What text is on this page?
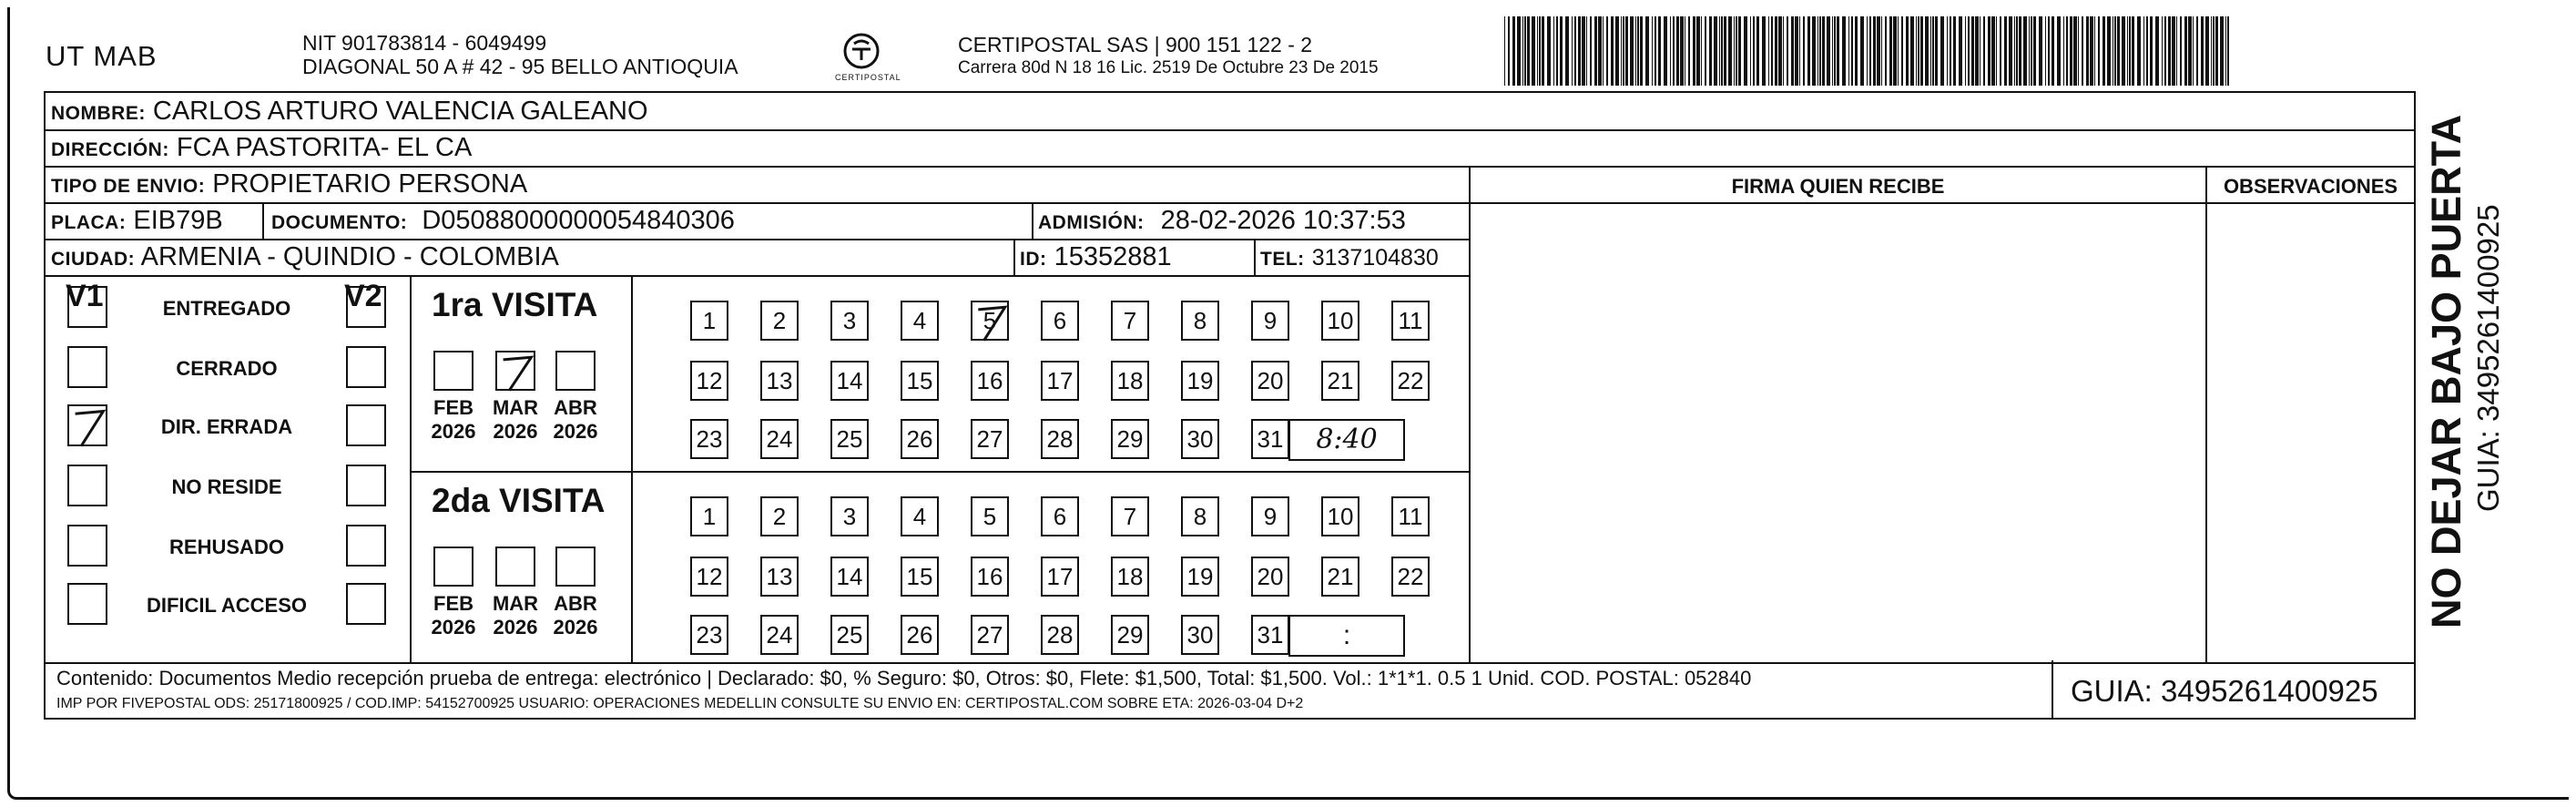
UT MAB	NIT 901783814 - 6049499
DIAGONAL 50 A # 42 - 95 BELLO ANTIOQUIA	CERTIPOSTAL
CERTIPOSTAL SAS | 900 151 122 - 2
Carrera 80d N 18 16 Lic. 2519 De Octubre 23 De 2015
NOMBRE: CARLOS ARTURO VALENCIA GALEANO
DIRECCIÓN: FCA PASTORITA- EL CA
TIPO DE ENVIO: PROPIETARIO PERSONA	FIRMA QUIEN RECIBE	OBSERVACIONES
PLACA: EIB79B	DOCUMENTO: D05088000000054840306	ADMISIÓN: 28-02-2026 10:37:53
CIUDAD: ARMENIA - QUINDIO - COLOMBIA	ID: 15352881	TEL: 3137104830
V1	V2
ENTREGADO
CERRADO
DIR. ERRADA
NO RESIDE
REHUSADO
DIFICIL ACCESO
1ra VISITA
FEB
2026
MAR
2026
ABR
2026
1	2	3	4	5	6	7	8	9	10 11
12 13 14 15 16 17 18 19 20 21 22
23 24 25 26 27 28 29 30 31	8:40
2da VISITA
FEB
2026
MAR
2026
ABR
2026
1	2	3	4	5	6	7	8	9	10 11
12 13 14 15 16 17 18 19 20 21 22
23 24 25 26 27 28 29 30 31	:
Contenido: Documentos Medio recepción prueba de entrega: electrónico | Declarado: $0, % Seguro: $0, Otros: $0, Flete: $1,500, Total: $1,500. Vol.: 1*1*1. 0.5 1 Unid. COD. POSTAL: 052840
IMP POR FIVEPOSTAL ODS: 25171800925 / COD.IMP: 54152700925 USUARIO: OPERACIONES MEDELLIN CONSULTE SU ENVIO EN: CERTIPOSTAL.COM SOBRE ETA: 2026-03-04 D+2	GUIA: 3495261400925
NO DEJAR BAJO PUERTA GUIA: 3495261400925
